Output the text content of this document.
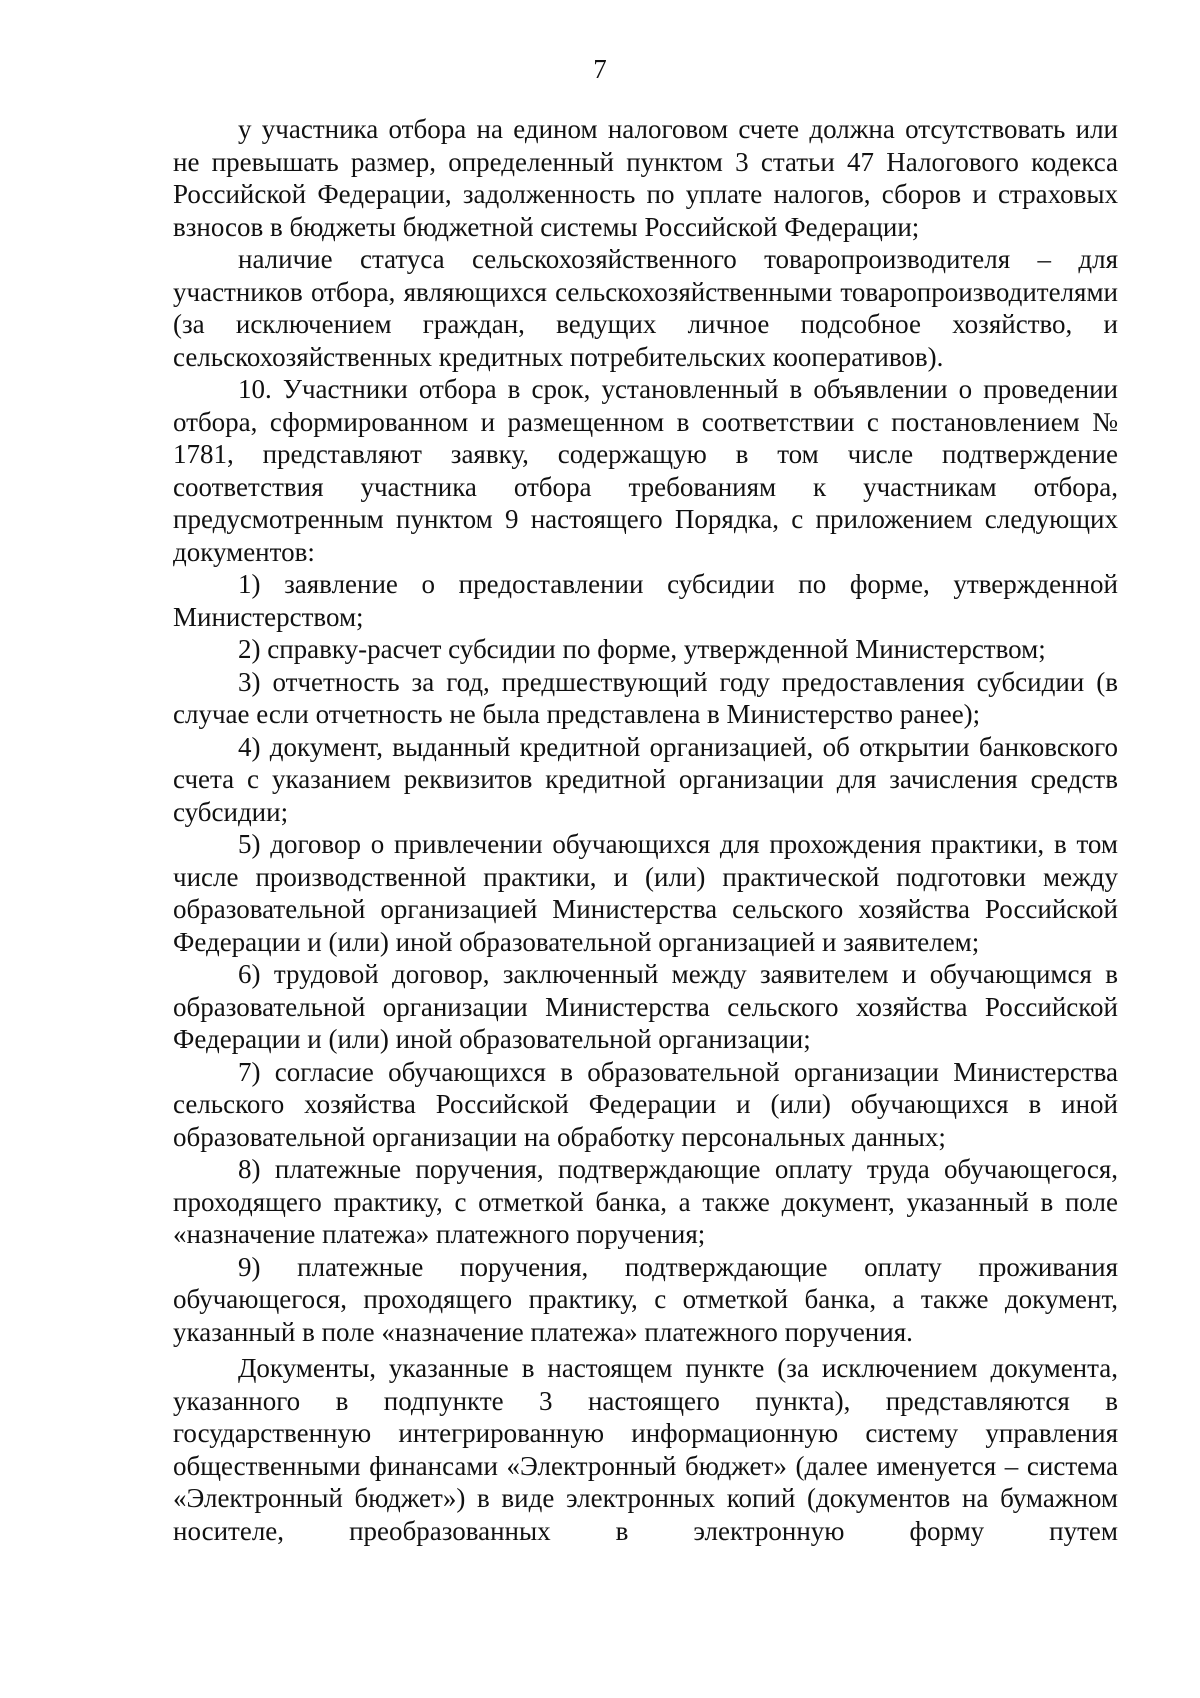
7

у участника отбора на едином налоговом счете должна отсутствовать или не превышать размер, определенный пунктом 3 статьи 47 Налогового кодекса Российской Федерации, задолженность по уплате налогов, сборов и страховых взносов в бюджеты бюджетной системы Российской Федерации;

наличие статуса сельскохозяйственного товаропроизводителя – для участников отбора, являющихся сельскохозяйственными товаропроизводителями (за исключением граждан, ведущих личное подсобное хозяйство, и сельскохозяйственных кредитных потребительских кооперативов).

10. Участники отбора в срок, установленный в объявлении о проведении отбора, сформированном и размещенном в соответствии с постановлением № 1781, представляют заявку, содержащую в том числе подтверждение соответствия участника отбора требованиям к участникам отбора, предусмотренным пунктом 9 настоящего Порядка, с приложением следующих документов:

1) заявление о предоставлении субсидии по форме, утвержденной Министерством;

2) справку-расчет субсидии по форме, утвержденной Министерством;

3) отчетность за год, предшествующий году предоставления субсидии (в случае если отчетность не была представлена в Министерство ранее);

4) документ, выданный кредитной организацией, об открытии банковского счета с указанием реквизитов кредитной организации для зачисления средств субсидии;

5) договор о привлечении обучающихся для прохождения практики, в том числе производственной практики, и (или) практической подготовки между образовательной организацией Министерства сельского хозяйства Российской Федерации и (или) иной образовательной организацией и заявителем;

6) трудовой договор, заключенный между заявителем и обучающимся в образовательной организации Министерства сельского хозяйства Российской Федерации и (или) иной образовательной организации;

7) согласие обучающихся в образовательной организации Министерства сельского хозяйства Российской Федерации и (или) обучающихся в иной образовательной организации на обработку персональных данных;

8) платежные поручения, подтверждающие оплату труда обучающегося, проходящего практику, с отметкой банка, а также документ, указанный в поле «назначение платежа» платежного поручения;

9) платежные поручения, подтверждающие оплату проживания обучающегося, проходящего практику, с отметкой банка, а также документ, указанный в поле «назначение платежа» платежного поручения.

Документы, указанные в настоящем пункте (за исключением документа, указанного в подпункте 3 настоящего пункта), представляются в государственную интегрированную информационную систему управления общественными финансами «Электронный бюджет» (далее именуется – система «Электронный бюджет») в виде электронных копий (документов на бумажном носителе, преобразованных в электронную форму путем
